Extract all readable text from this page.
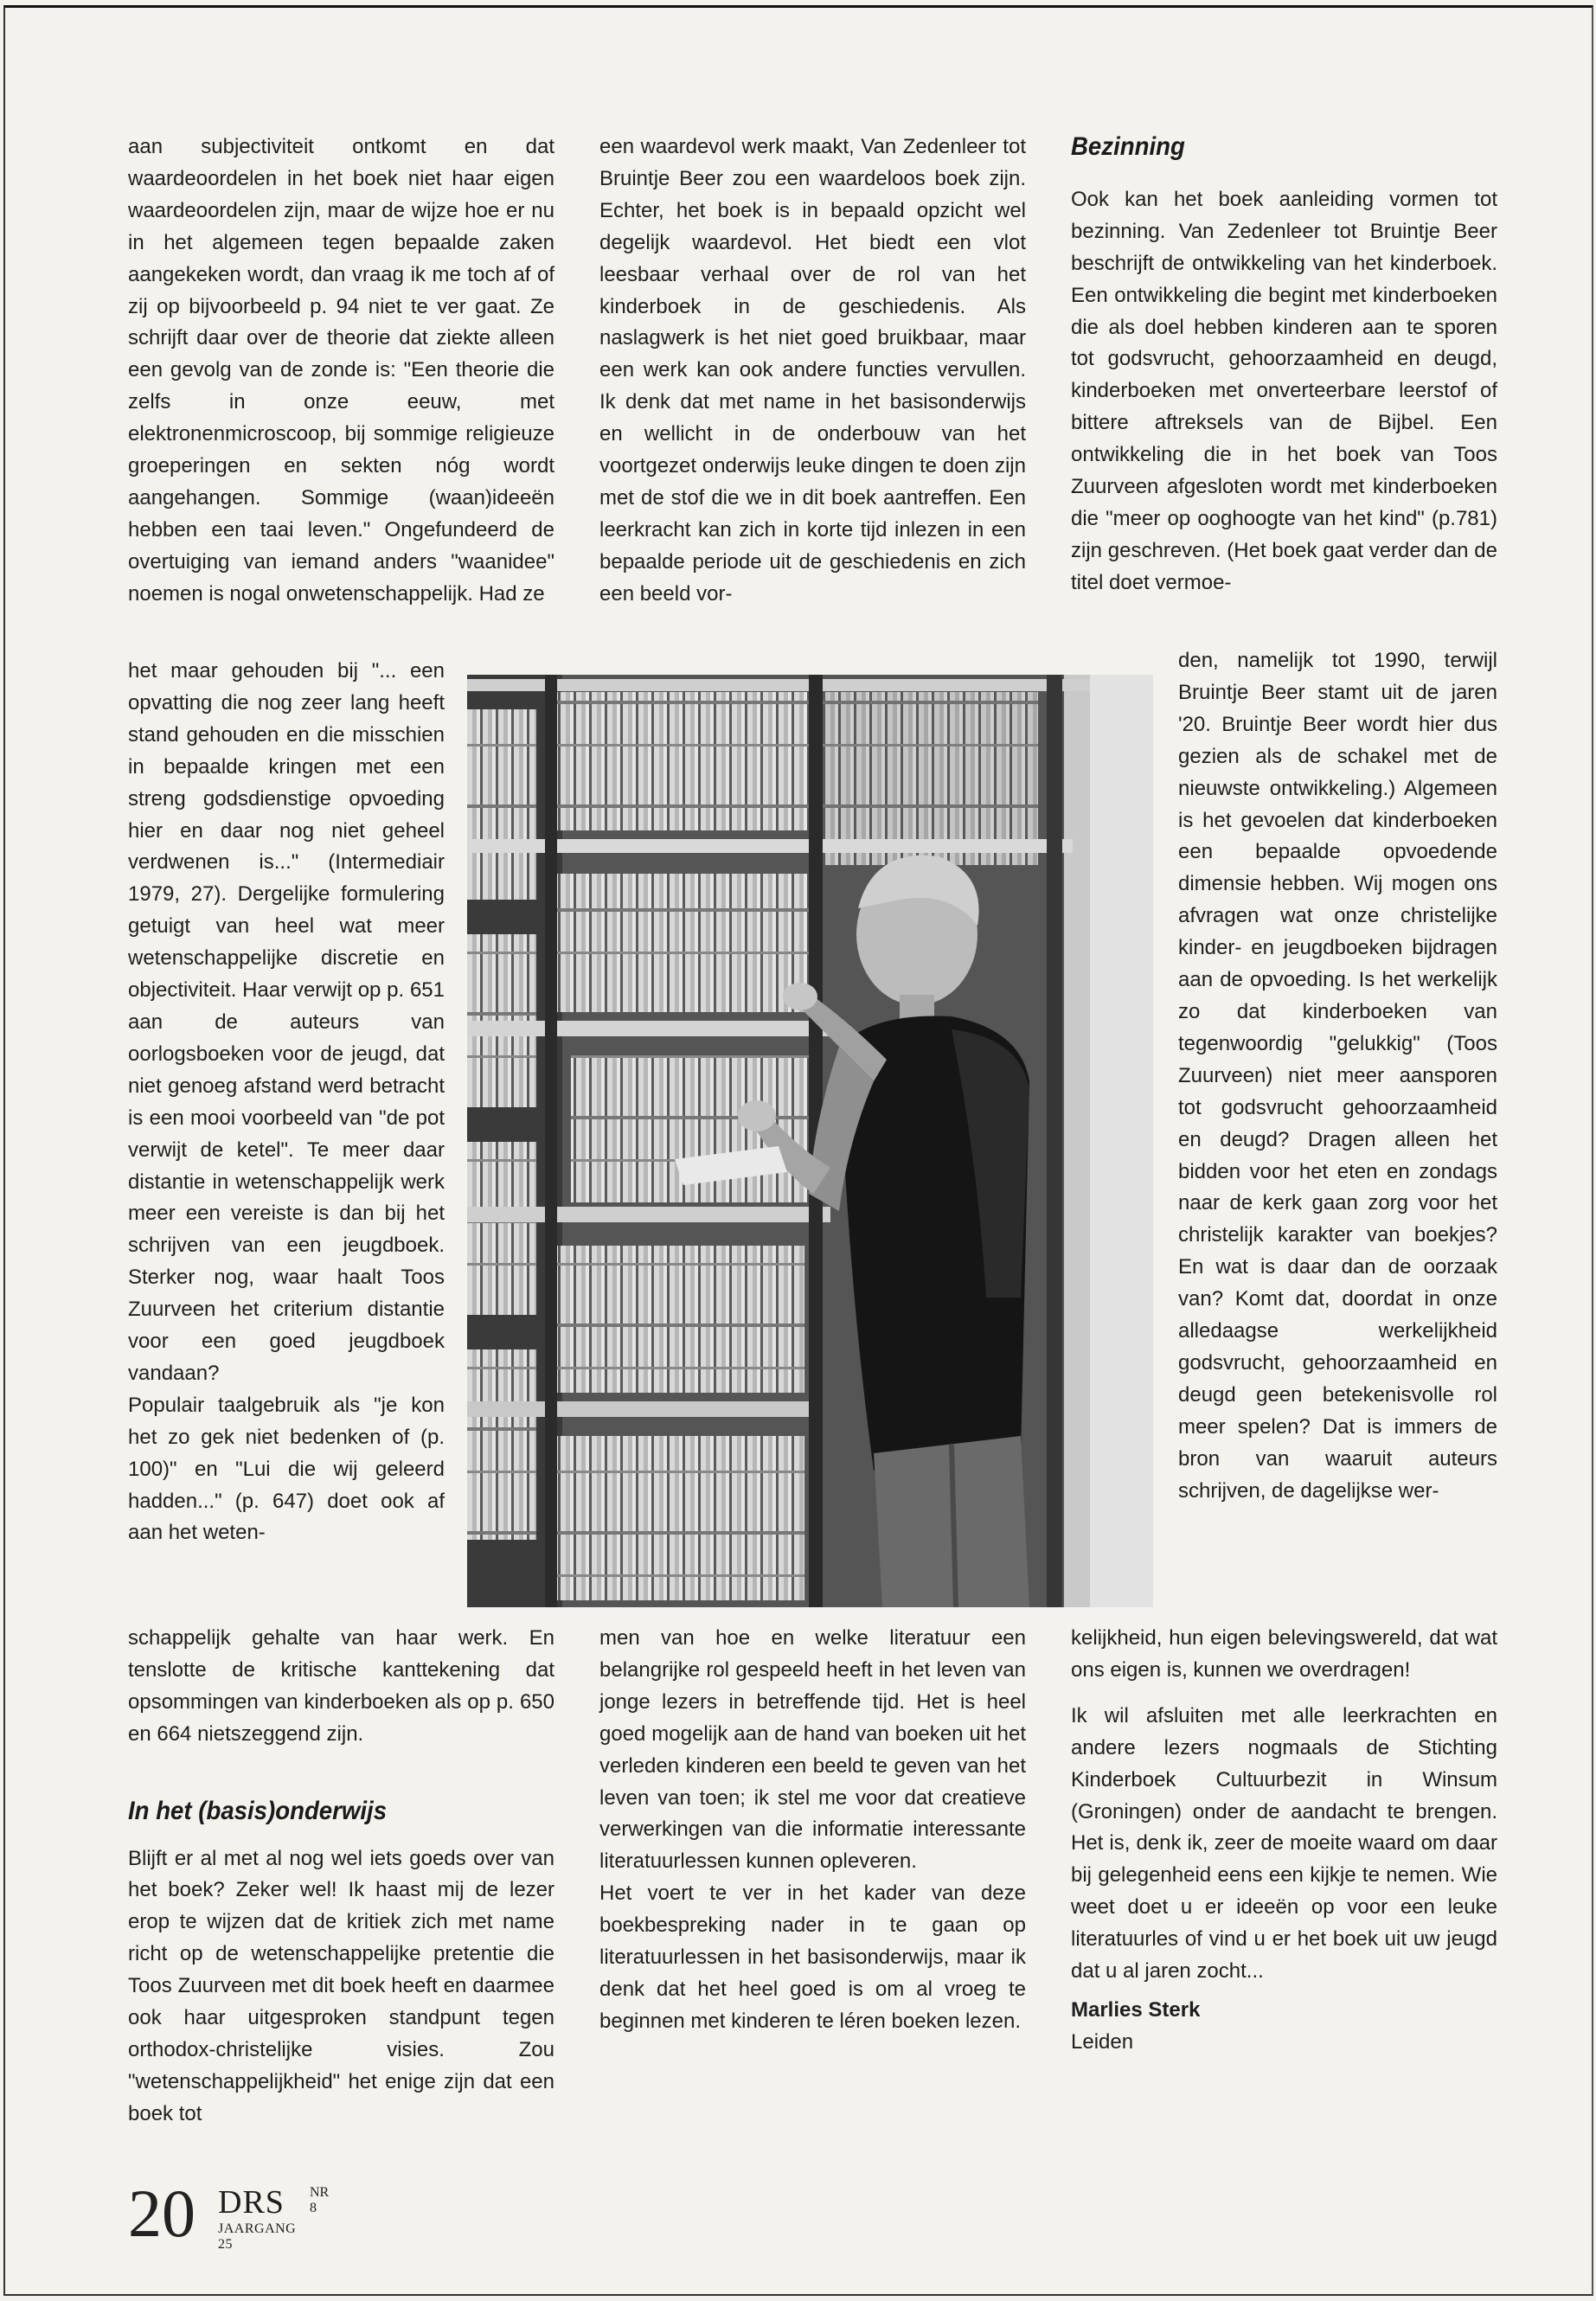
aan subjectiviteit ontkomt en dat waardeoordelen in het boek niet haar eigen waardeoordelen zijn, maar de wijze hoe er nu in het algemeen tegen bepaalde zaken aangekeken wordt, dan vraag ik me toch af of zij op bijvoorbeeld p. 94 niet te ver gaat. Ze schrijft daar over de theorie dat ziekte alleen een gevolg van de zonde is: "Een theorie die zelfs in onze eeuw, met elektronenmicroscoop, bij sommige religieuze groeperingen en sekten nóg wordt aangehangen. Sommige (waan)ideeën hebben een taai leven." Ongefundeerd de overtuiging van iemand anders "waanidee" noemen is nogal onwetenschappelijk. Had ze

het maar gehouden bij "... een opvatting die nog zeer lang heeft stand gehouden en die misschien in bepaalde kringen met een streng godsdienstige opvoeding hier en daar nog niet geheel verdwenen is..." (Intermediair 1979, 27). Dergelijke formulering getuigt van heel wat meer wetenschappelijke discretie en objectiviteit. Haar verwijt op p. 651 aan de auteurs van oorlogsboeken voor de jeugd, dat niet genoeg afstand werd betracht is een mooi voorbeeld van "de pot verwijt de ketel". Te meer daar distantie in wetenschappelijk werk meer een vereiste is dan bij het schrijven van een jeugdboek. Sterker nog, waar haalt Toos Zuurveen het criterium distantie voor een goed jeugdboek vandaan?

Populair taalgebruik als "je kon het zo gek niet bedenken of (p. 100)" en "Lui die wij geleerd hadden..." (p. 647) doet ook af aan het weten-

schappelijk gehalte van haar werk. En tenslotte de kritische kanttekening dat opsommingen van kinderboeken als op p. 650 en 664 nietszeggend zijn.

In het (basis)onderwijs

Blijft er al met al nog wel iets goeds over van het boek? Zeker wel! Ik haast mij de lezer erop te wijzen dat de kritiek zich met name richt op de wetenschappelijke pretentie die Toos Zuurveen met dit boek heeft en daarmee ook haar uitgesproken standpunt tegen orthodox-christelijke visies. Zou "wetenschappelijkheid" het enige zijn dat een boek tot

een waardevol werk maakt, Van Zedenleer tot Bruintje Beer zou een waardeloos boek zijn. Echter, het boek is in bepaald opzicht wel degelijk waardevol. Het biedt een vlot leesbaar verhaal over de rol van het kinderboek in de geschiedenis. Als naslagwerk is het niet goed bruikbaar, maar een werk kan ook andere functies vervullen. Ik denk dat met name in het basisonderwijs en wellicht in de onderbouw van het voortgezet onderwijs leuke dingen te doen zijn met de stof die we in dit boek aantreffen. Een leerkracht kan zich in korte tijd inlezen in een bepaalde periode uit de geschiedenis en zich een beeld vor-

men van hoe en welke literatuur een belangrijke rol gespeeld heeft in het leven van jonge lezers in betreffende tijd. Het is heel goed mogelijk aan de hand van boeken uit het verleden kinderen een beeld te geven van het leven van toen; ik stel me voor dat creatieve verwerkingen van die informatie interessante literatuurlessen kunnen opleveren.

Het voert te ver in het kader van deze boekbespreking nader in te gaan op literatuurlessen in het basisonderwijs, maar ik denk dat het heel goed is om al vroeg te beginnen met kinderen te léren boeken lezen.

Bezinning

Ook kan het boek aanleiding vormen tot bezinning. Van Zedenleer tot Bruintje Beer beschrijft de ontwikkeling van het kinderboek. Een ontwikkeling die begint met kinderboeken die als doel hebben kinderen aan te sporen tot godsvrucht, gehoorzaamheid en deugd, kinderboeken met onverteerbare leerstof of bittere aftreksels van de Bijbel. Een ontwikkeling die in het boek van Toos Zuurveen afgesloten wordt met kinderboeken die "meer op ooghoogte van het kind" (p.781) zijn geschreven. (Het boek gaat verder dan de titel doet vermoe-

den, namelijk tot 1990, terwijl Bruintje Beer stamt uit de jaren '20. Bruintje Beer wordt hier dus gezien als de schakel met de nieuwste ontwikkeling.) Algemeen is het gevoelen dat kinderboeken een bepaalde opvoedende dimensie hebben. Wij mogen ons afvragen wat onze christelijke kinder- en jeugdboeken bijdragen aan de opvoeding. Is het werkelijk zo dat kinderboeken van tegenwoordig "gelukkig" (Toos Zuurveen) niet meer aansporen tot godsvrucht gehoorzaamheid en deugd? Dragen alleen het bidden voor het eten en zondags naar de kerk gaan zorg voor het christelijk karakter van boekjes? En wat is daar dan de oorzaak van? Komt dat, doordat in onze alledaagse werkelijkheid godsvrucht, gehoorzaamheid en deugd geen betekenisvolle rol meer spelen? Dat is immers de bron van waaruit auteurs schrijven, de dagelijkse wer-

kelijkheid, hun eigen belevingswereld, dat wat ons eigen is, kunnen we overdragen!

Ik wil afsluiten met alle leerkrachten en andere lezers nogmaals de Stichting Kinderboek Cultuurbezit in Winsum (Groningen) onder de aandacht te brengen. Het is, denk ik, zeer de moeite waard om daar bij gelegenheid eens een kijkje te nemen. Wie weet doet u er ideeën op voor een leuke literatuurles of vind u er het boek uit uw jeugd dat u al jaren zocht...

Marlies Sterk

Leiden

20 DRS NR 8
JAARGANG 25
